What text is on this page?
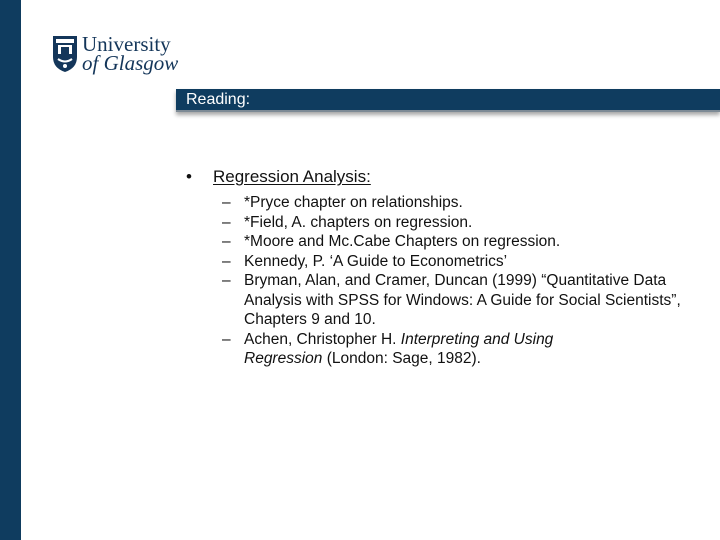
University
of Glasgow
Reading:
• Regression Analysis:

– *Pryce chapter on relationships.

– *Field, A. chapters on regression.

– *Moore and Mc.Cabe Chapters on regression.

– Kennedy, P. ‘A Guide to Econometrics’

– Bryman, Alan, and Cramer, Duncan (1999) “Quantitative Data Analysis with SPSS for Windows: A Guide for Social Scientists”, Chapters 9 and 10.

– Achen, Christopher H. Interpreting and Using
Regression (London: Sage, 1982).
